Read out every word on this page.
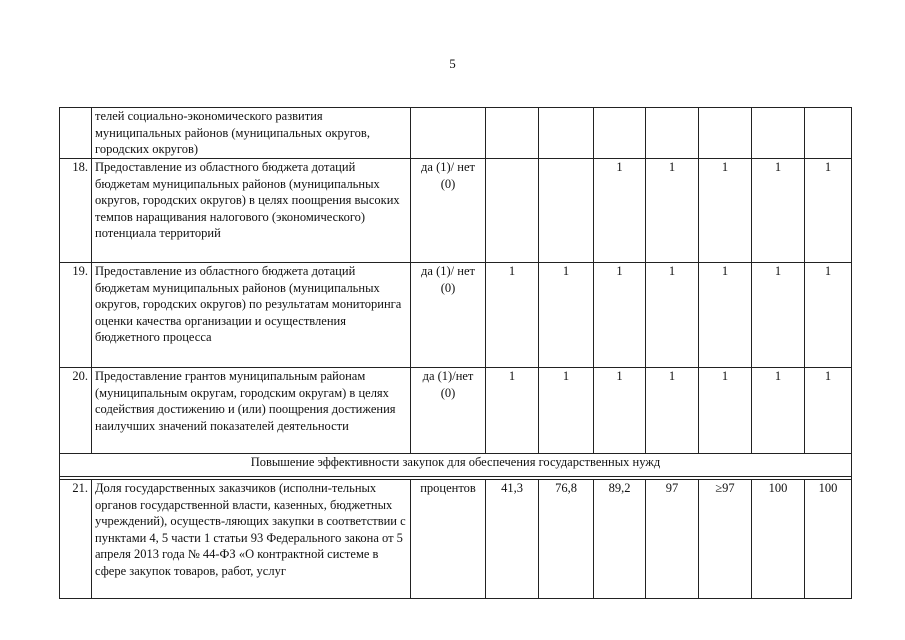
5
	телей социально-экономического развития муниципальных районов (муниципальных округов, городских округов)								
18.	Предоставление из областного бюджета дотаций бюджетам муниципальных районов (муниципальных округов, городских округов) в целях поощрения высоких темпов наращивания налогового (экономического) потенциала территорий	да (1)/ нет (0)			1	1	1	1	1
19.	Предоставление из областного бюджета дотаций бюджетам муниципальных районов (муниципальных округов, городских округов) по результатам мониторинга оценки качества организации и осуществления бюджетного процесса	да (1)/ нет (0)	1	1	1	1	1	1	1
20.	Предоставление грантов муниципальным районам (муниципальным округам, городским округам) в целях содействия достижению и (или) поощрения достижения наилучших значений показателей деятельности	да (1)/нет (0)	1	1	1	1	1	1	1
Повышение эффективности закупок для обеспечения государственных нужд									

21.	Доля государственных заказчиков (исполни-тельных органов государственной власти, казенных, бюджетных учреждений), осуществ-ляющих закупки в соответствии с пунктами 4, 5 части 1 статьи 93 Федерального закона от 5 апреля 2013 года № 44-ФЗ «О контрактной системе в сфере закупок товаров, работ, услуг	процентов	41,3	76,8	89,2	97	≥97	100	100
